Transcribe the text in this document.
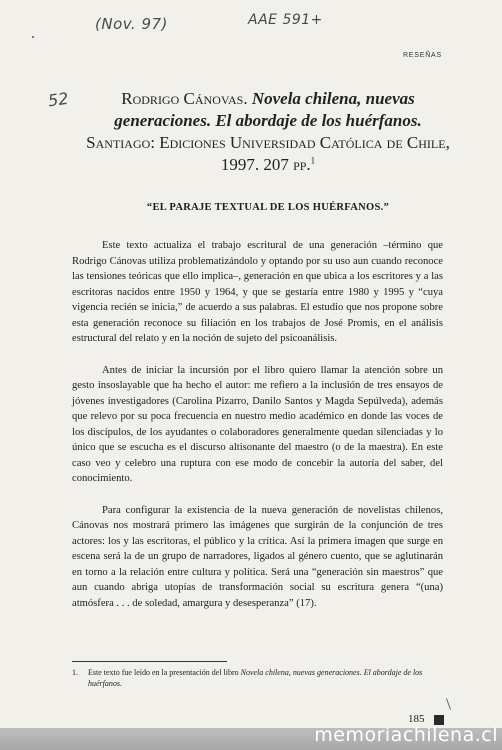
(Nov. 97)	AAE 591+
52
RESEÑAS
Rodrigo Cánovas. Novela chilena, nuevas generaciones. El abordaje de los huérfanos. Santiago: Ediciones Universidad Católica de Chile, 1997. 207 pp.$^1$
“EL PARAJE TEXTUAL DE LOS HUÉRFANOS.”

Este texto actualiza el trabajo escritural de una generación –término que Rodrigo Cánovas utiliza problematizándolo y optando por su uso aun cuando reconoce las tensiones teóricas que ello implica–, generación en que ubica a los escritores y a las escritoras nacidos entre 1950 y 1964, y que se gestaría entre 1980 y 1995 y “cuya vigencia recién se inicia,” de acuerdo a sus palabras. El estudio que nos propone sobre esta generación reconoce su filiación en los trabajos de José Promis, en el análisis estructural del relato y en la noción de sujeto del psicoanálisis.

Antes de iniciar la incursión por el libro quiero llamar la atención sobre un gesto insoslayable que ha hecho el autor: me refiero a la inclusión de tres ensayos de jóvenes investigadores (Carolina Pizarro, Danilo Santos y Magda Sepúlveda), además que relevo por su poca frecuencia en nuestro medio académico en donde las voces de los discípulos, de los ayudantes o colaboradores generalmente quedan silenciadas y lo único que se escucha es el discurso altisonante del maestro (o de la maestra). En este caso veo y celebro una ruptura con ese modo de concebir la autoría del saber, del conocimiento.

Para configurar la existencia de la nueva generación de novelistas chilenos, Cánovas nos mostrará primero las imágenes que surgirán de la conjunción de tres actores: los y las escritoras, el público y la crítica. Así la primera imagen que surge en escena será la de un grupo de narradores, ligados al género cuento, que se aglutinarán en torno a la relación entre cultura y política. Será una “generación sin maestros” que aun cuando abriga utopías de transformación social su escritura genera “(una) atmósfera . . . de soledad, amargura y desesperanza” (17).

1. Este texto fue leído en la presentación del libro Novela chilena, nuevas generaciones. El abordaje de los huérfanos.
185
memoriachilena.cl
